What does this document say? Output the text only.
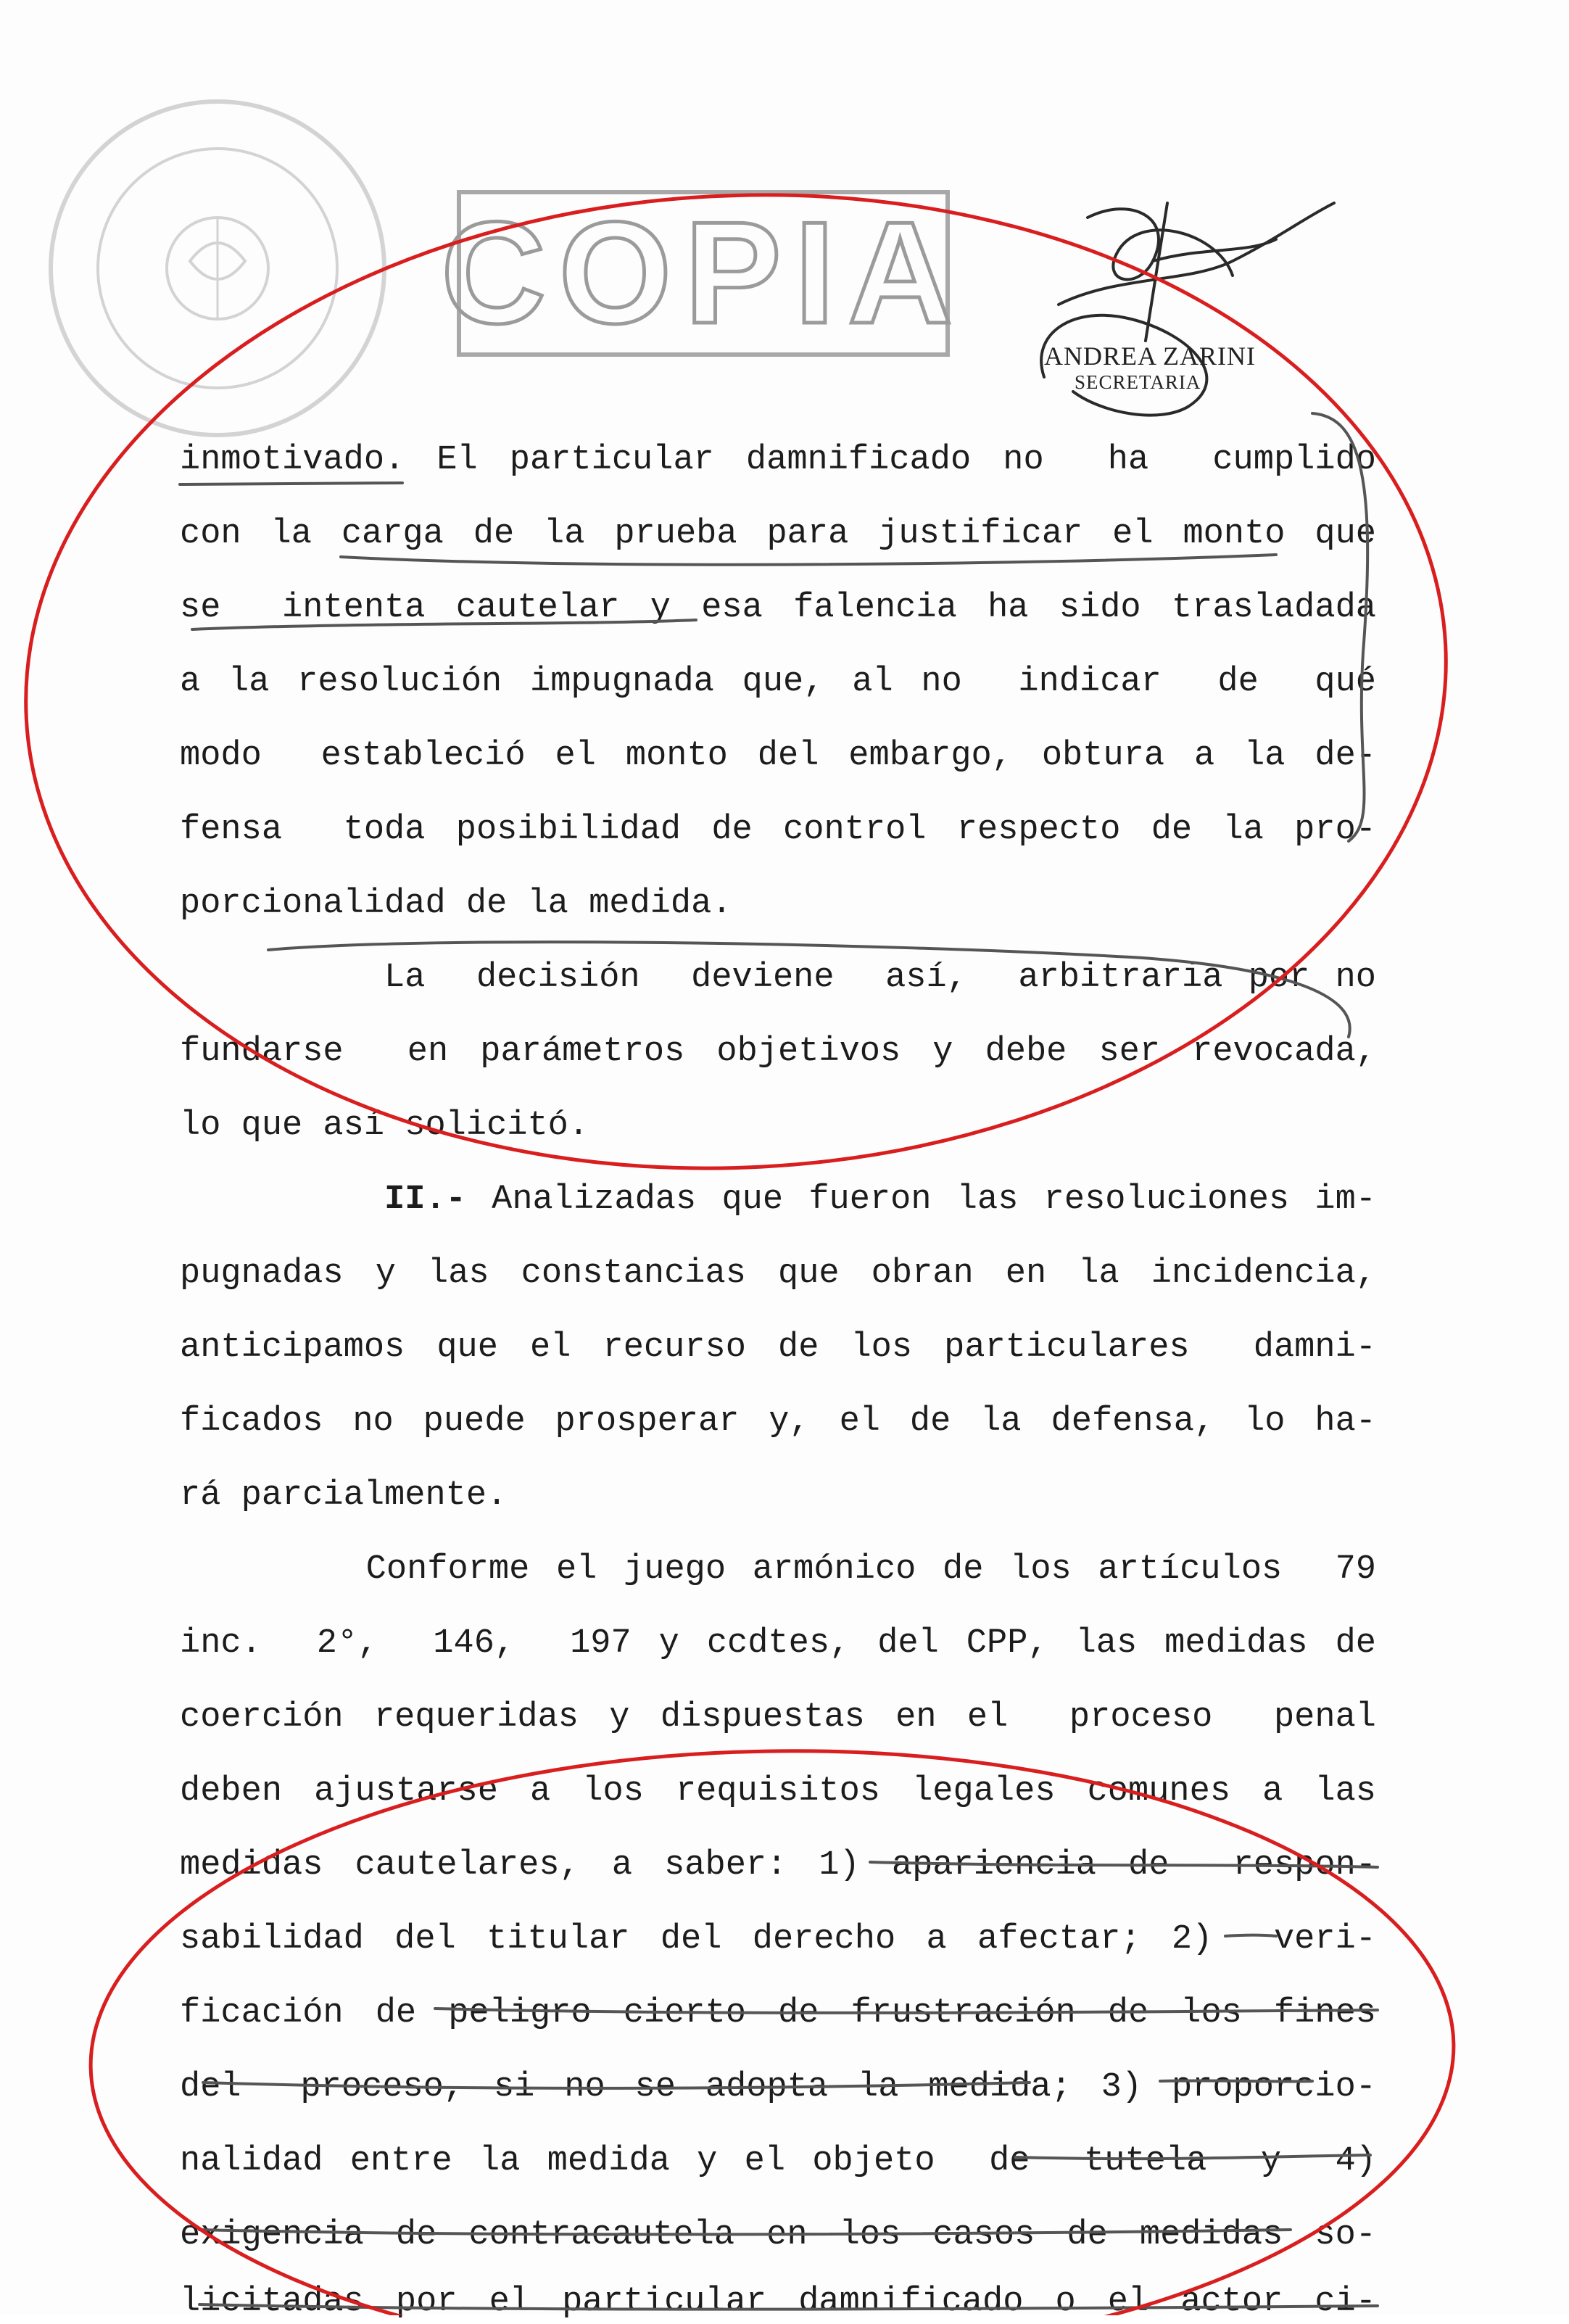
COPIA
ANDREA ZARINI
SECRETARIA
inmotivado. El particular damnificado no  ha  cumplido
con la carga de la prueba para justificar el monto que
se  intenta cautelar y esa falencia ha sido trasladada
a la resolución impugnada que, al no  indicar  de  qué
modo  estableció el monto del embargo, obtura a la de-
fensa  toda posibilidad de control respecto de la pro-
porcionalidad de la medida.
La  decisión  deviene  así,  arbitraria por no
fundarse  en parámetros objetivos y debe ser revocada,
lo que así solicitó.
II.- Analizadas que fueron las resoluciones im-
pugnadas y las constancias que obran en la incidencia,
anticipamos que el recurso de los particulares  damni-
ficados no puede prosperar y, el de la defensa, lo ha-
rá parcialmente.
Conforme el juego armónico de los artículos  79
inc.  2°,  146,  197 y ccdtes, del CPP, las medidas de
coerción requeridas y dispuestas en el  proceso  penal
deben ajustarse a los requisitos legales comunes a las
medidas cautelares, a saber: 1) apariencia de  respon-
sabilidad del titular del derecho a afectar; 2)  veri-
ficación de peligro cierto de frustración de los fines
del  proceso, si no se adopta la medida; 3) proporcio-
nalidad entre la medida y el objeto  de  tutela  y  4)
exigencia de contracautela en los casos de medidas so-
licitadas por el particular damnificado o el actor ci-
